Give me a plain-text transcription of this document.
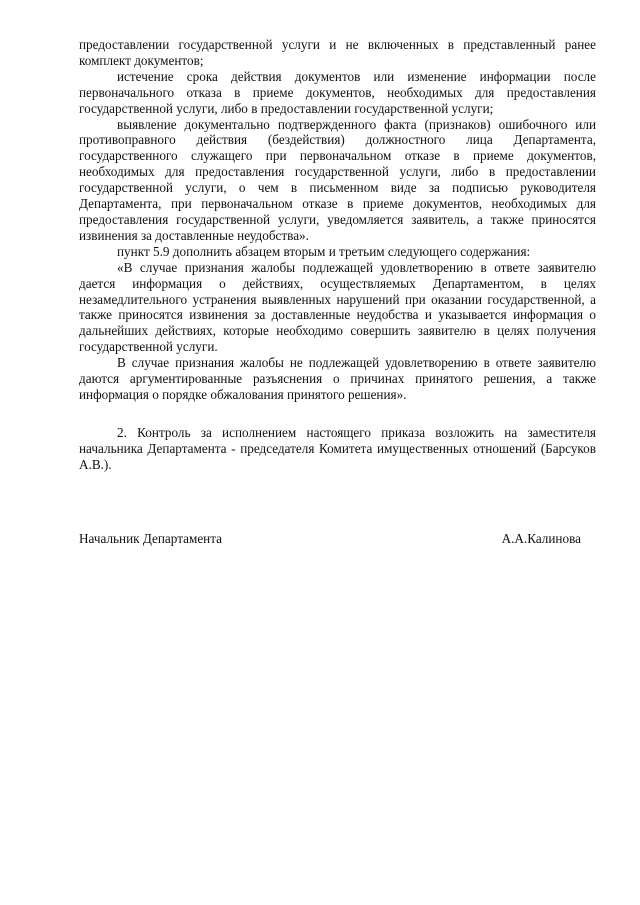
предоставлении государственной услуги и не включенных в представленный ранее комплект документов;

истечение срока действия документов или изменение информации после первоначального отказа в приеме документов, необходимых для предоставления государственной услуги, либо в предоставлении государственной услуги;

выявление документально подтвержденного факта (признаков) ошибочного или противоправного действия (бездействия) должностного лица Департамента, государственного служащего при первоначальном отказе в приеме документов, необходимых для предоставления государственной услуги, либо в предоставлении государственной услуги, о чем в письменном виде за подписью руководителя Департамента, при первоначальном отказе в приеме документов, необходимых для предоставления государственной услуги, уведомляется заявитель, а также приносятся извинения за доставленные неудобства».

пункт 5.9 дополнить абзацем вторым и третьим следующего содержания:

«В случае признания жалобы подлежащей удовлетворению в ответе заявителю дается информация о действиях, осуществляемых Департаментом, в целях незамедлительного устранения выявленных нарушений при оказании государственной, а также приносятся извинения за доставленные неудобства и указывается информация о дальнейших действиях, которые необходимо совершить заявителю в целях получения государственной услуги.

В случае признания жалобы не подлежащей удовлетворению в ответе заявителю даются аргументированные разъяснения о причинах принятого решения, а также информация о порядке обжалования принятого решения».

2. Контроль за исполнением настоящего приказа возложить на заместителя начальника Департамента - председателя Комитета имущественных отношений (Барсуков А.В.).

Начальник Департамента	А.А.Калинова
